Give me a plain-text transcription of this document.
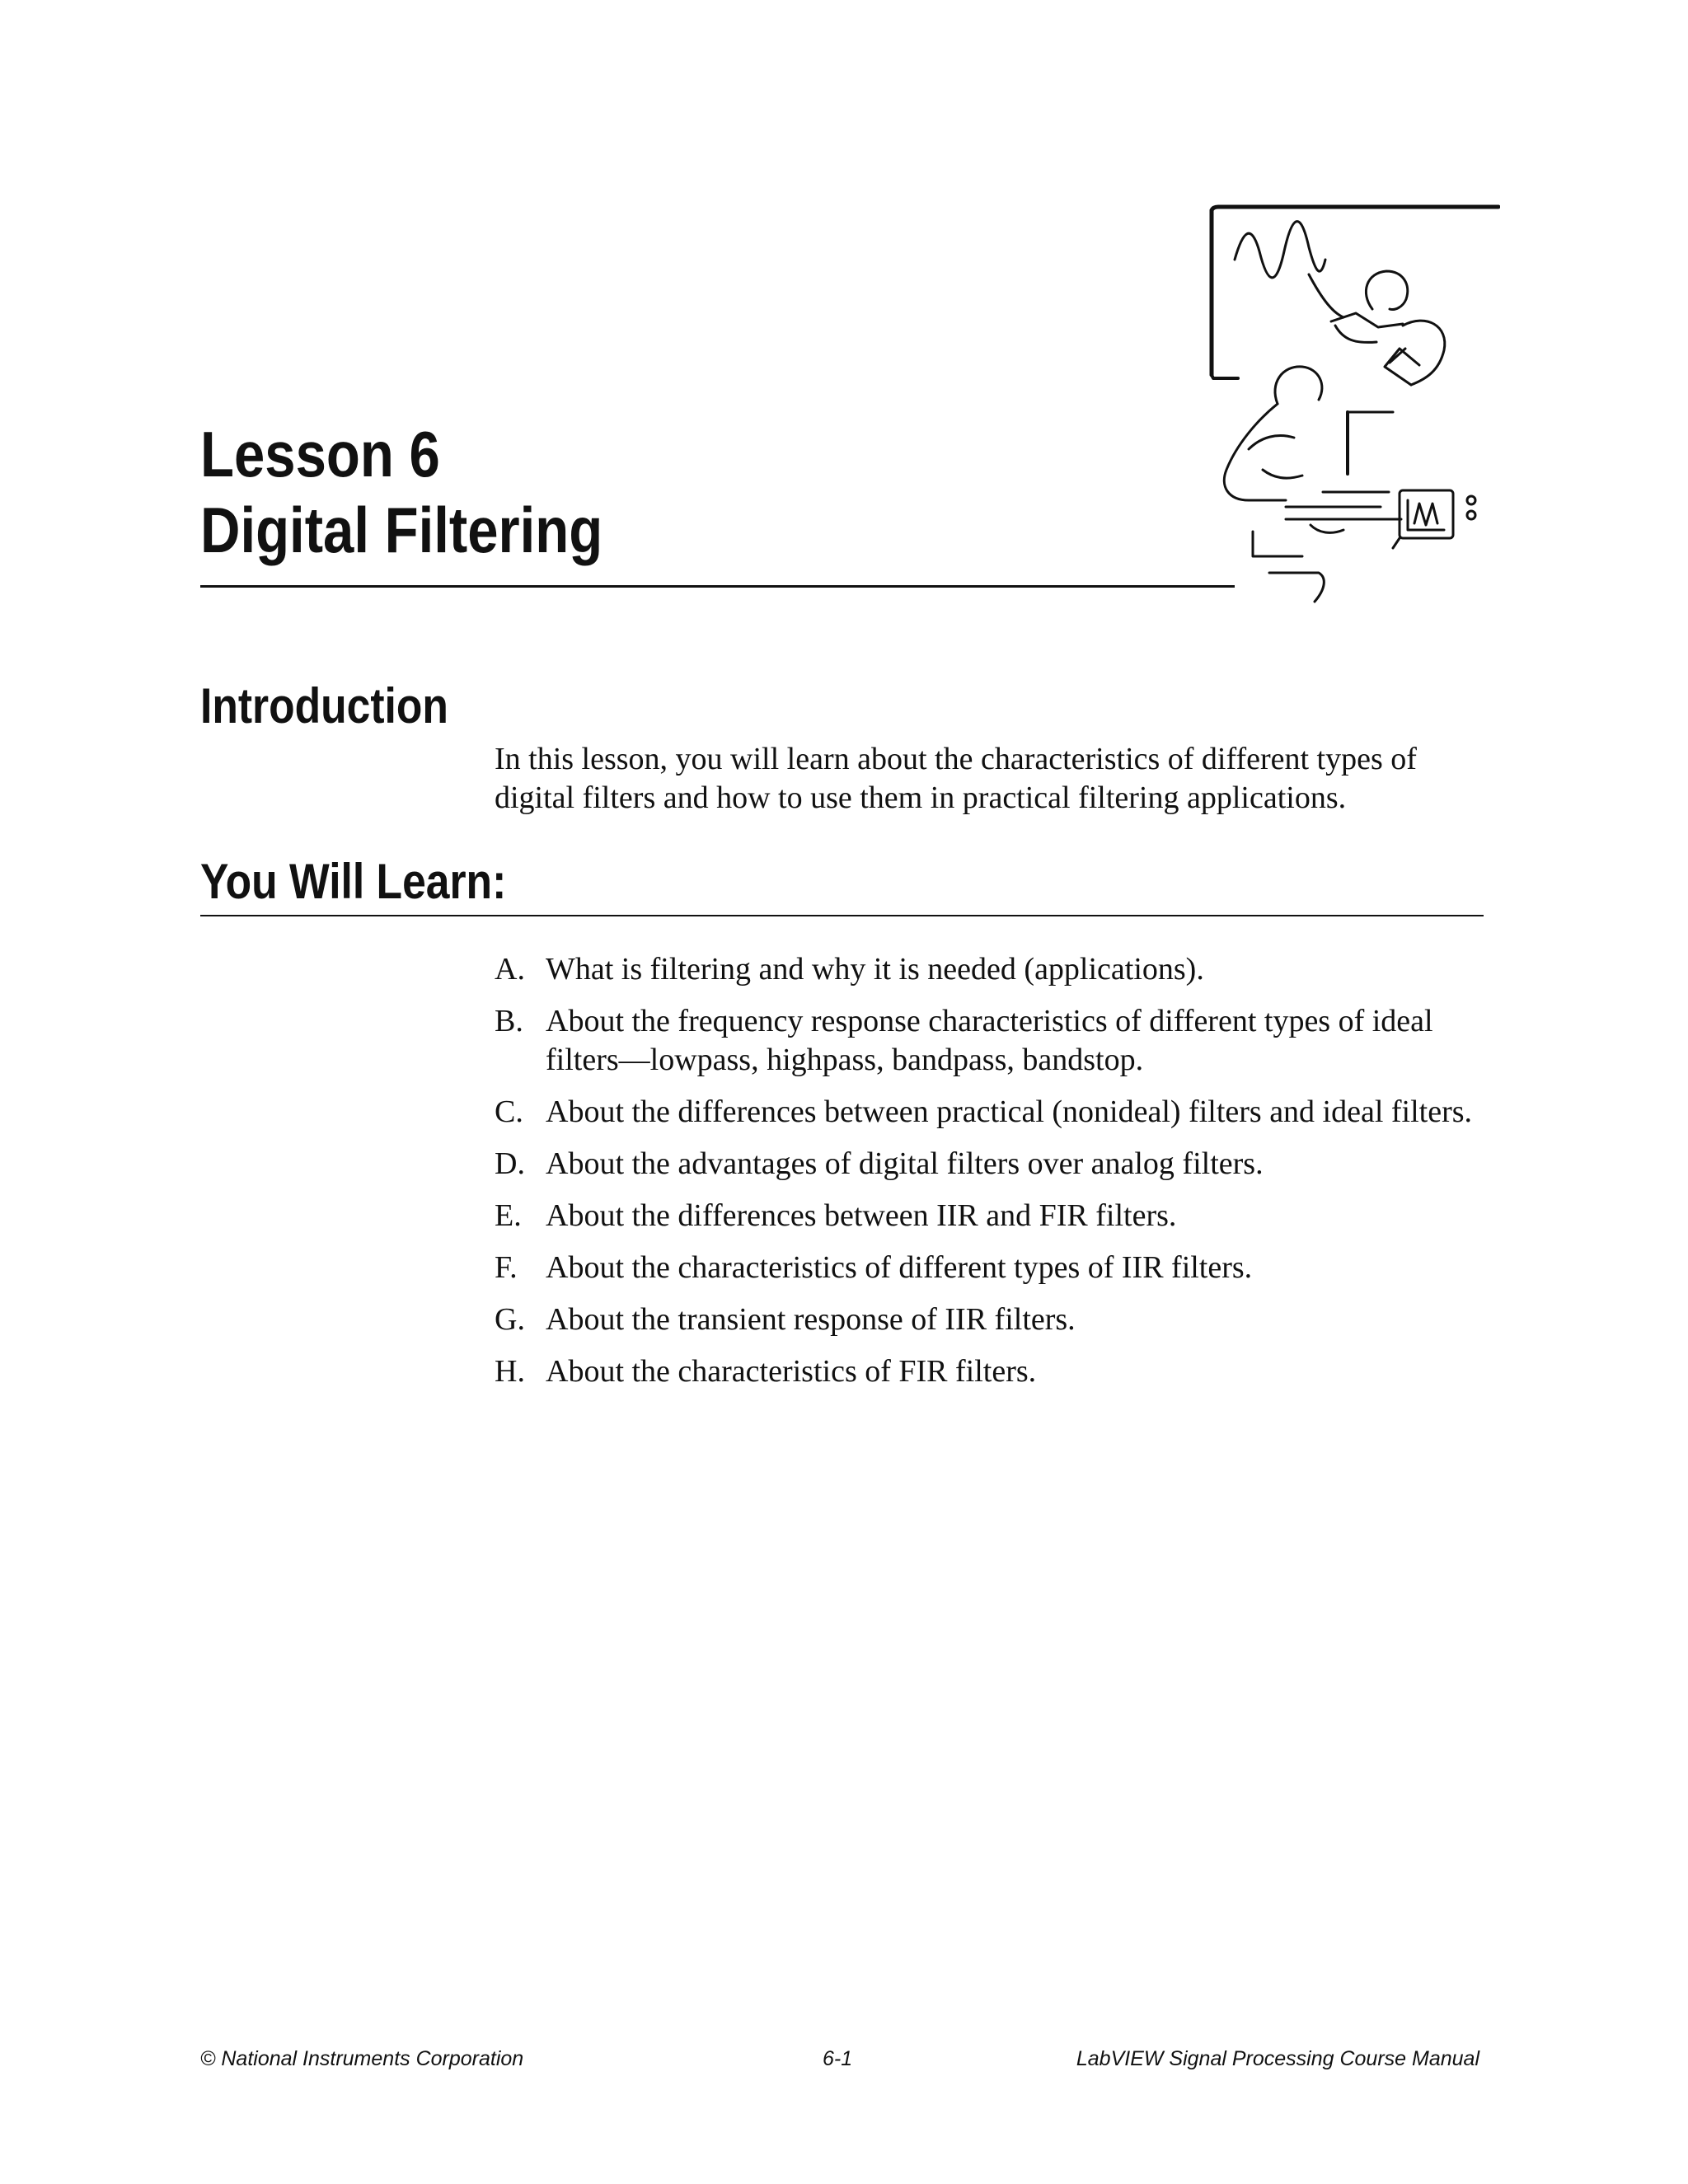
Lesson 6
Digital Filtering
Introduction
In this lesson, you will learn about the characteristics of different types of digital filters and how to use them in practical filtering applications.
You Will Learn:
A. What is filtering and why it is needed (applications).
B. About the frequency response characteristics of different types of ideal filters—lowpass, highpass, bandpass, bandstop.
C. About the differences between practical (nonideal) filters and ideal filters.
D. About the advantages of digital filters over analog filters.
E. About the differences between IIR and FIR filters.
F. About the characteristics of different types of IIR filters.
G. About the transient response of IIR filters.
H. About the characteristics of FIR filters.
© National Instruments Corporation	6-1	LabVIEW Signal Processing Course Manual
